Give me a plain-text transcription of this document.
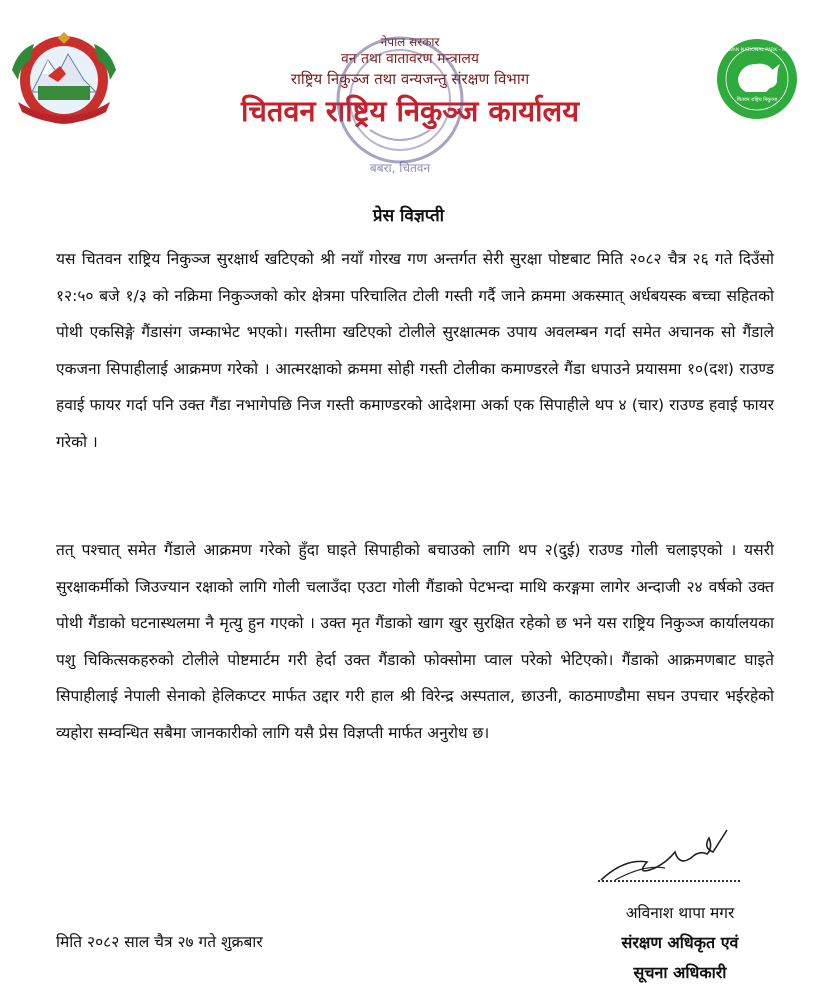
नेपाल सरकार
वन तथा वातावरण मन्त्रालय
राष्ट्रिय निकुञ्ज तथा वन्यजन्तु संरक्षण विभाग
चितवन राष्ट्रिय निकुञ्ज कार्यालय
बबरा, चितवन
चितवन राष्ट्रिय निकुञ्ज
CHITWAN NATIONAL PARK - NEPAL
प्रेस विज्ञप्ती

यस चितवन राष्ट्रिय निकुञ्ज सुरक्षार्थ खटिएको श्री नयाँ गोरख गण अन्तर्गत सेरी सुरक्षा पोष्टबाट मिति २०८२ चैत्र २६ गते दिउँसो १२:५० बजे १/३ को नक्रिमा निकुञ्जको कोर क्षेत्रमा परिचालित टोली गस्ती गर्दै जाने क्रममा अकस्मात् अर्धबयस्क बच्चा सहितको पोथी एकसिङ्गे गैंडासंग जम्काभेट भएको। गस्तीमा खटिएको टोलीले सुरक्षात्मक उपाय अवलम्बन गर्दा समेत अचानक सो गैंडाले एकजना सिपाहीलाई आक्रमण गरेको । आत्मरक्षाको क्रममा सोही गस्ती टोलीका कमाण्डरले गैंडा धपाउने प्रयासमा १०(दश) राउण्ड हवाई फायर गर्दा पनि उक्त गैंडा नभागेपछि निज गस्ती कमाण्डरको आदेशमा अर्का एक सिपाहीले थप ४ (चार) राउण्ड हवाई फायर गरेको ।

तत् पश्चात् समेत गैंडाले आक्रमण गरेको हुँदा घाइते सिपाहीको बचाउको लागि थप २(दुई) राउण्ड गोली चलाइएको । यसरी सुरक्षाकर्मीको जिउज्यान रक्षाको लागि गोली चलाउँदा एउटा गोली गैंडाको पेटभन्दा माथि करङ्गमा लागेर अन्दाजी २४ वर्षको उक्त पोथी गैंडाको घटनास्थलमा नै मृत्यु हुन गएको । उक्त मृत गैंडाको खाग खुर सुरक्षित रहेको छ भने यस राष्ट्रिय निकुञ्ज कार्यालयका पशु चिकित्सकहरुको टोलीले पोष्टमार्टम गरी हेर्दा उक्त गैंडाको फोक्सोमा प्वाल परेको भेटिएको। गैंडाको आक्रमणबाट घाइते सिपाहीलाई नेपाली सेनाको हेलिकप्टर मार्फत उद्दार गरी हाल श्री विरेन्द्र अस्पताल, छाउनी, काठमाण्डौमा सघन उपचार भईरहेको व्यहोरा सम्वन्धित सबैमा जानकारीको लागि यसै प्रेस विज्ञप्ती मार्फत अनुरोध छ।

अविनाश थापा मगर
संरक्षण अधिकृत एवं
सूचना अधिकारी
मिति २०८२ साल चैत्र २७ गते शुक्रबार
